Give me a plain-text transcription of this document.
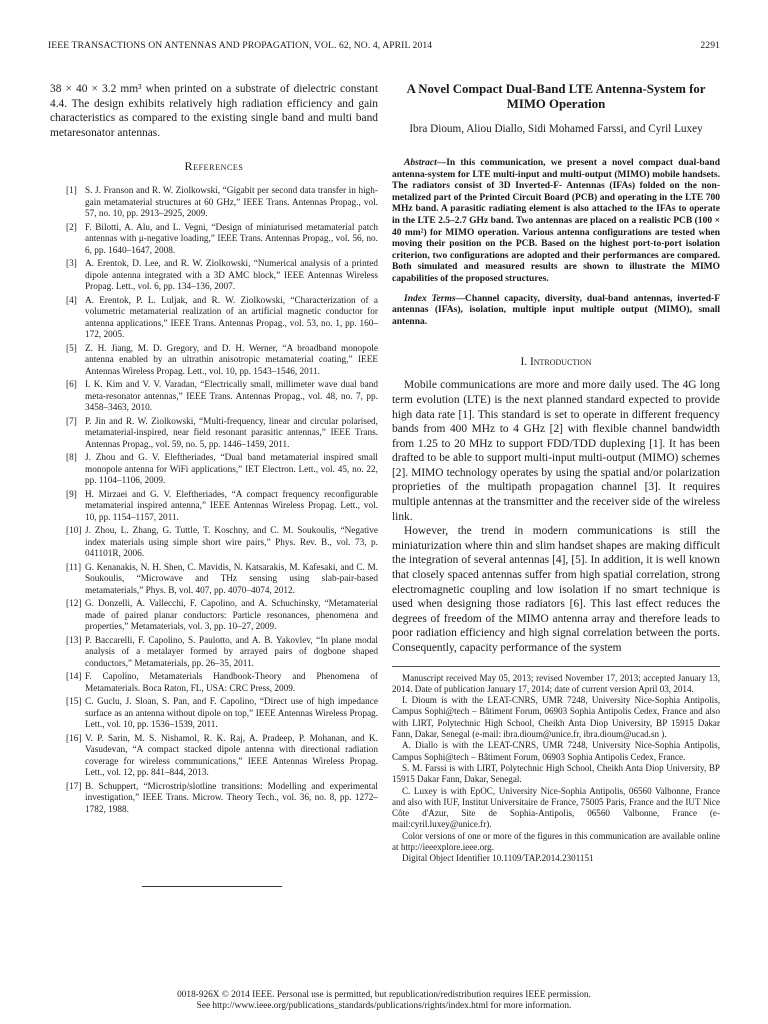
IEEE TRANSACTIONS ON ANTENNAS AND PROPAGATION, VOL. 62, NO. 4, APRIL 2014	2291

38 × 40 × 3.2 mm³ when printed on a substrate of dielectric constant 4.4. The design exhibits relatively high radiation efficiency and gain characteristics as compared to the existing single band and multi band metaresonator antennas.

References
[1] S. J. Franson and R. W. Ziolkowski, “Gigabit per second data transfer in high-gain metamaterial structures at 60 GHz,” IEEE Trans. Antennas Propag., vol. 57, no. 10, pp. 2913–2925, 2009.
[2] F. Bilotti, A. Alu, and L. Vegni, “Design of miniaturised metamaterial patch antennas with μ-negative loading,” IEEE Trans. Antennas Propag., vol. 56, no. 6, pp. 1640–1647, 2008.
[3] A. Erentok, D. Lee, and R. W. Ziolkowski, “Numerical analysis of a printed dipole antenna integrated with a 3D AMC block,” IEEE Antennas Wireless Propag. Lett., vol. 6, pp. 134–136, 2007.
[4] A. Erentok, P. L. Luljak, and R. W. Ziolkowski, “Characterization of a volumetric metamaterial realization of an artificial magnetic conductor for antenna applications,” IEEE Trans. Antennas Propag., vol. 53, no. 1, pp. 160–172, 2005.
[5] Z. H. Jiang, M. D. Gregory, and D. H. Werner, “A broadband monopole antenna enabled by an ultrathin anisotropic metamaterial coating,” IEEE Antennas Wireless Propag. Lett., vol. 10, pp. 1543–1546, 2011.
[6] I. K. Kim and V. V. Varadan, “Electrically small, millimeter wave dual band meta-resonator antennas,” IEEE Trans. Antennas Propag., vol. 48, no. 7, pp. 3458–3463, 2010.
[7] P. Jin and R. W. Ziolkowski, “Multi-frequency, linear and circular polarised, metamaterial-inspired, near field resonant parasitic antennas,” IEEE Trans. Antennas Propag., vol. 59, no. 5, pp. 1446–1459, 2011.
[8] J. Zhou and G. V. Eleftheriades, “Dual band metamaterial inspired small monopole antenna for WiFi applications,” IET Electron. Lett., vol. 45, no. 22, pp. 1104–1106, 2009.
[9] H. Mirzaei and G. V. Eleftheriades, “A compact frequency reconfigurable metamaterial inspired antenna,” IEEE Antennas Wireless Propag. Lett., vol. 10, pp. 1154–1157, 2011.
[10] J. Zhou, L. Zhang, G. Tuttle, T. Koschny, and C. M. Soukoulis, “Negative index materials using simple short wire pairs,” Phys. Rev. B., vol. 73, p. 041101R, 2006.
[11] G. Kenanakis, N. H. Shen, C. Mavidis, N. Katsarakis, M. Kafesaki, and C. M. Soukoulis, “Microwave and THz sensing using slab-pair-based metamaterials,” Phys. B, vol. 407, pp. 4070–4074, 2012.
[12] G. Donzelli, A. Vallecchi, F. Capolino, and A. Schuchinsky, “Metamaterial made of paired planar conductors: Particle resonances, phenomena and properties,” Metamaterials, vol. 3, pp. 10–27, 2009.
[13] P. Baccarelli, F. Capolino, S. Paulotto, and A. B. Yakovlev, “In plane modal analysis of a metalayer formed by arrayed pairs of dogbone shaped conductors,” Metamaterials, pp. 26–35, 2011.
[14] F. Capolino, Metamaterials Handbook-Theory and Phenomena of Metamaterials. Boca Raton, FL, USA: CRC Press, 2009.
[15] C. Guclu, J. Sloan, S. Pan, and F. Capolino, “Direct use of high impedance surface as an antenna without dipole on top,” IEEE Antennas Wireless Propag. Lett., vol. 10, pp. 1536–1539, 2011.
[16] V. P. Sarin, M. S. Nishamol, R. K. Raj, A. Pradeep, P. Mohanan, and K. Vasudevan, “A compact stacked dipole antenna with directional radiation coverage for wireless communications,” IEEE Antennas Wireless Propag. Lett., vol. 12, pp. 841–844, 2013.
[17] B. Schuppert, “Microstrip/slotline transitions: Modelling and experimental investigation,” IEEE Trans. Microw. Theory Tech., vol. 36, no. 8, pp. 1272–1782, 1988.
A Novel Compact Dual-Band LTE Antenna-System for MIMO Operation
Ibra Dioum, Aliou Diallo, Sidi Mohamed Farssi, and Cyril Luxey

Abstract—In this communication, we present a novel compact dual-band antenna-system for LTE multi-input and multi-output (MIMO) mobile handsets. The radiators consist of 3D Inverted-F- Antennas (IFAs) folded on the non-metalized part of the Printed Circuit Board (PCB) and operating in the LTE 700 MHz band. A parasitic radiating element is also attached to the IFAs to operate in the LTE 2.5–2.7 GHz band. Two antennas are placed on a realistic PCB (100 × 40 mm²) for MIMO operation. Various antenna configurations are tested when moving their position on the PCB. Based on the highest port-to-port isolation criterion, two configurations are adopted and their performances are compared. Both simulated and measured results are shown to illustrate the MIMO capabilities of the proposed structures.

Index Terms—Channel capacity, diversity, dual-band antennas, inverted-F antennas (IFAs), isolation, multiple input multiple output (MIMO), small antenna.

I. Introduction

Mobile communications are more and more daily used. The 4G long term evolution (LTE) is the next planned standard expected to provide high data rate [1]. This standard is set to operate in different frequency bands from 400 MHz to 4 GHz [2] with flexible channel bandwidth from 1.25 to 20 MHz to support FDD/TDD duplexing [1]. It has been drafted to be able to support multi-input multi-output (MIMO) schemes [2]. MIMO technology operates by using the spatial and/or polarization proprieties of the multipath propagation channel [3]. It requires multiple antennas at the transmitter and the receiver side of the wireless link.

However, the trend in modern communications is still the miniaturization where thin and slim handset shapes are making difficult the integration of several antennas [4], [5]. In addition, it is well known that closely spaced antennas suffer from high spatial correlation, strong electromagnetic coupling and low isolation if no smart technique is used when designing those radiators [6]. This last effect reduces the degrees of freedom of the MIMO antenna array and therefore leads to poor radiation efficiency and high signal correlation between the ports. Consequently, capacity performance of the system

Manuscript received May 05, 2013; revised November 17, 2013; accepted January 13, 2014. Date of publication January 17, 2014; date of current version April 03, 2014.

I. Dioum is with the LEAT-CNRS, UMR 7248, University Nice-Sophia Antipolis, Campus Sophi@tech – Bâtiment Forum, 06903 Sophia Antipolis Cedex, France and also with LIRT, Polytechnic High School, Cheikh Anta Diop University, BP 15915 Dakar Fann, Dakar, Senegal (e-mail: ibra.dioum@unice.fr, ibra.dioum@ucad.sn ).

A. Diallo is with the LEAT-CNRS, UMR 7248, University Nice-Sophia Antipolis, Campus Sophi@tech – Bâtiment Forum, 06903 Sophia Antipolis Cedex, France.

S. M. Farssi is with LIRT, Polytechnic High School, Cheikh Anta Diop University, BP 15915 Dakar Fann, Dakar, Senegal.

C. Luxey is with EpOC, University Nice-Sophia Antipolis, 06560 Valbonne, France and also with IUF, Institut Universitaire de France, 75005 Paris, France and the IUT Nice Côte d'Azur, Site de Sophia-Antipolis, 06560 Valbonne, France (e-mail:cyril.luxey@unice.fr).

Color versions of one or more of the figures in this communication are available online at http://ieeexplore.ieee.org.

Digital Object Identifier 10.1109/TAP.2014.2301151

0018-926X © 2014 IEEE. Personal use is permitted, but republication/redistribution requires IEEE permission.
See http://www.ieee.org/publications_standards/publications/rights/index.html for more information.
